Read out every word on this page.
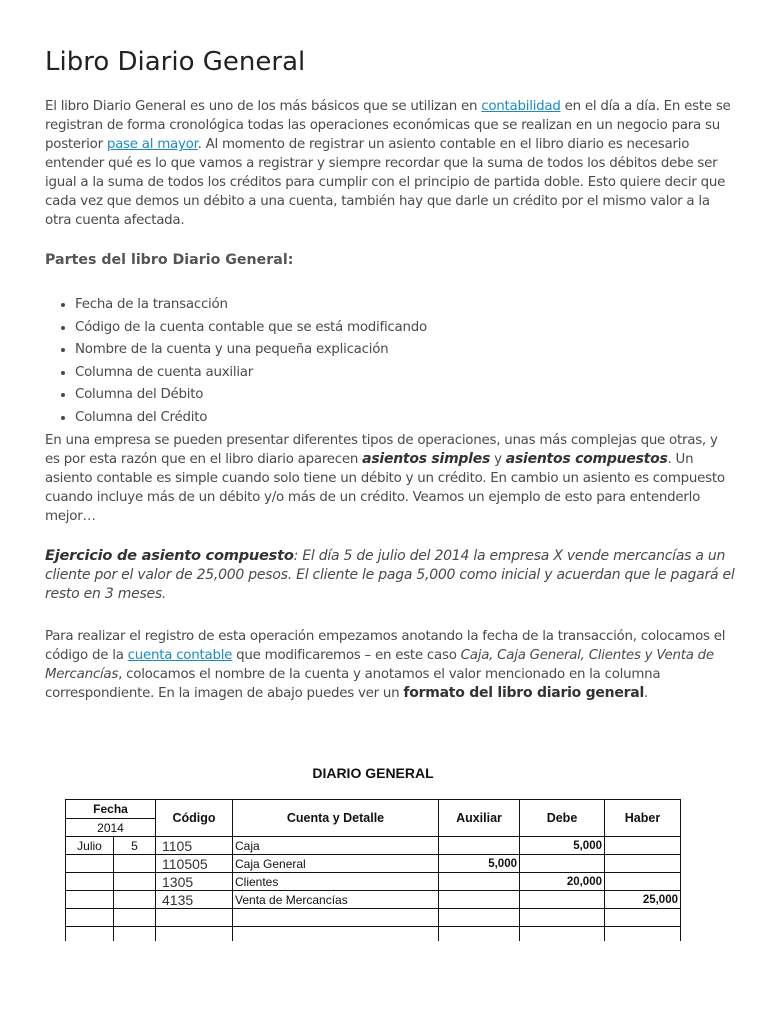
Libro Diario General

El libro Diario General es uno de los más básicos que se utilizan en contabilidad en el día a día. En este se registran de forma cronológica todas las operaciones económicas que se realizan en un negocio para su posterior pase al mayor. Al momento de registrar un asiento contable en el libro diario es necesario entender qué es lo que vamos a registrar y siempre recordar que la suma de todos los débitos debe ser igual a la suma de todos los créditos para cumplir con el principio de partida doble. Esto quiere decir que cada vez que demos un débito a una cuenta, también hay que darle un crédito por el mismo valor a la otra cuenta afectada.

Partes del libro Diario General:
• Fecha de la transacción
• Código de la cuenta contable que se está modificando
• Nombre de la cuenta y una pequeña explicación
• Columna de cuenta auxiliar
• Columna del Débito
• Columna del Crédito

En una empresa se pueden presentar diferentes tipos de operaciones, unas más complejas que otras, y es por esta razón que en el libro diario aparecen asientos simples y asientos compuestos. Un asiento contable es simple cuando solo tiene un débito y un crédito. En cambio un asiento es compuesto cuando incluye más de un débito y/o más de un crédito. Veamos un ejemplo de esto para entenderlo mejor…

Ejercicio de asiento compuesto: El día 5 de julio del 2014 la empresa X vende mercancías a un cliente por el valor de 25,000 pesos. El cliente le paga 5,000 como inicial y acuerdan que le pagará el resto en 3 meses.

Para realizar el registro de esta operación empezamos anotando la fecha de la transacción, colocamos el código de la cuenta contable que modificaremos – en este caso Caja, Caja General, Clientes y Venta de Mercancías, colocamos el nombre de la cuenta y anotamos el valor mencionado en la columna correspondiente. En la imagen de abajo puedes ver un formato del libro diario general.

DIARIO GENERAL
Fecha		Código	Cuenta y Detalle	Auxiliar	Debe	Haber
2014						
Julio	5	1105	Caja		5,000	
		110505	Caja General	5,000		
		1305	Clientes		20,000	
		4135	Venta de Mercancías			25,000
